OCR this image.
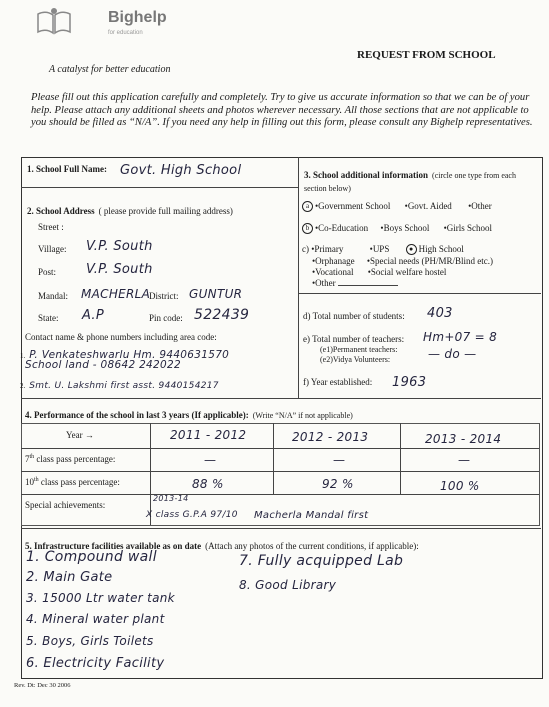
Bighelp
for education
A catalyst for better education
REQUEST FROM SCHOOL
Please fill out this application carefully and completely. Try to give us accurate information so that we can be of your help. Please attach any additional sheets and photos wherever necessary. All those sections that are not applicable to you should be filled as “N/A”. If you need any help in filling out this form, please consult any Bighelp representatives.
1. School Full Name: Govt. High School
2. School Address ( please provide full mailing address)
Street :
Village: V.P. South
Post: V.P. South
Mandal: MACHERLA
District: GUNTUR
State: A.P	Pin code: 522439
Contact name & phone numbers including area code:
1. P. Venkateshwarlu Hm. 9440631570
School land - 08642 242022
2. Smt. U. Lakshmi first asst. 9440154217
3. School additional information (circle one type from each section below)
a •Government School •Govt. Aided •Other
b •Co-Education •Boys School •Girls School
c) •Primary	•UPS	● High School
•Orphanage •Special needs (PH/MR/Blind etc.)
•Vocational •Social welfare hostel
•Other
d) Total number of students: 403
e) Total number of teachers: Hm+07 = 8
(e1)Permanent teachers:
(e2)Vidya Volunteers:	— do —
f) Year established: 1963
4. Performance of the school in last 3 years (If applicable): (Write “N/A” if not applicable)
Year →	2011 - 2012	2012 - 2013	2013 - 2014
7th class pass percentage:	—	—	—
10th class pass percentage:	88 %	92 %	100 %
Special achievements:
2013-14
X class G.P.A 97/10 Macherla Mandal first
5. Infrastructure facilities available as on date (Attach any photos of the current conditions, if applicable):
1. Compound wall
2. Main Gate
3. 15000 Ltr water tank
4. Mineral water plant
5. Boys, Girls Toilets
6. Electricity Facility
7. Fully acquipped Lab
8. Good Library
Rev. Dt: Dec 30 2006
